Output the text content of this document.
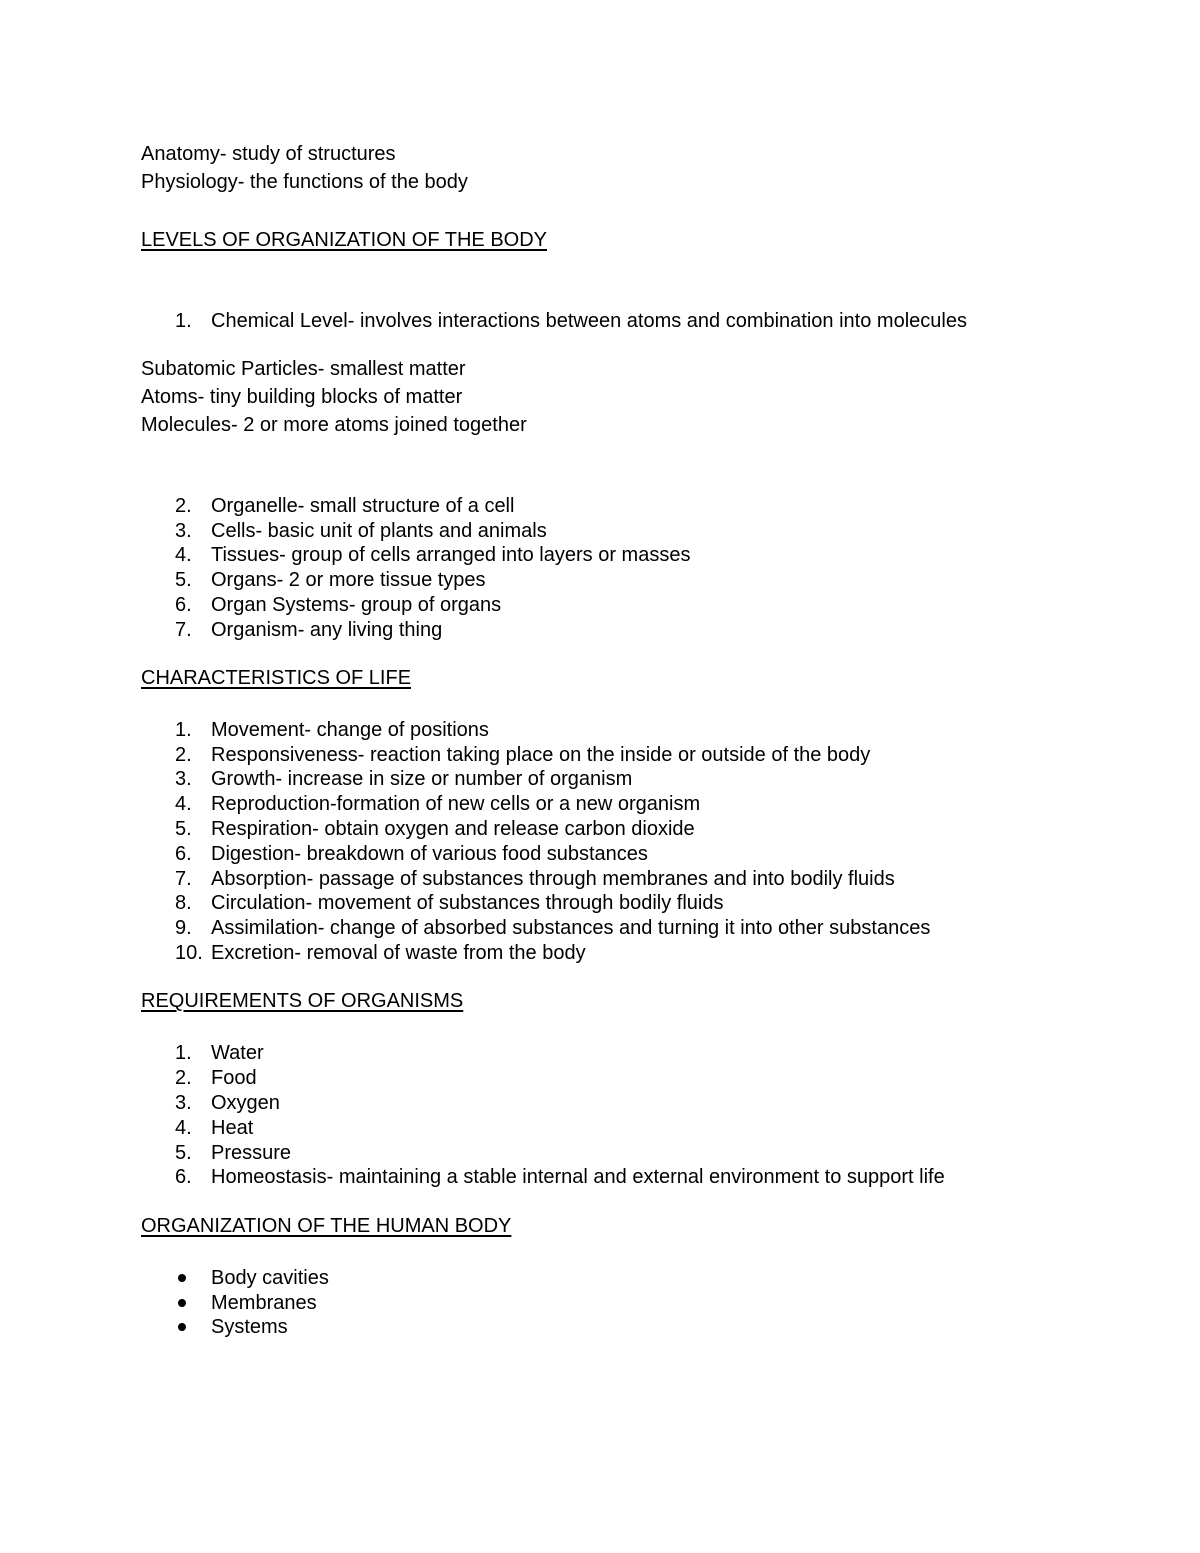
Anatomy- study of structures
Physiology- the functions of the body
LEVELS OF ORGANIZATION OF THE BODY
1. Chemical Level- involves interactions between atoms and combination into molecules
Subatomic Particles- smallest matter
Atoms- tiny building blocks of matter
Molecules- 2 or more atoms joined together
2. Organelle- small structure of a cell
3. Cells- basic unit of plants and animals
4. Tissues- group of cells arranged into layers or masses
5. Organs- 2 or more tissue types
6. Organ Systems- group of organs
7. Organism- any living thing
CHARACTERISTICS OF LIFE
1. Movement- change of positions
2. Responsiveness- reaction taking place on the inside or outside of the body
3. Growth- increase in size or number of organism
4. Reproduction-formation of new cells or a new organism
5. Respiration- obtain oxygen and release carbon dioxide
6. Digestion- breakdown of various food substances
7. Absorption- passage of substances through membranes and into bodily fluids
8. Circulation- movement of substances through bodily fluids
9. Assimilation- change of absorbed substances and turning it into other substances
10. Excretion- removal of waste from the body
REQUIREMENTS OF ORGANISMS
1. Water
2. Food
3. Oxygen
4. Heat
5. Pressure
6. Homeostasis- maintaining a stable internal and external environment to support life
ORGANIZATION OF THE HUMAN BODY
Body cavities
Membranes
Systems
